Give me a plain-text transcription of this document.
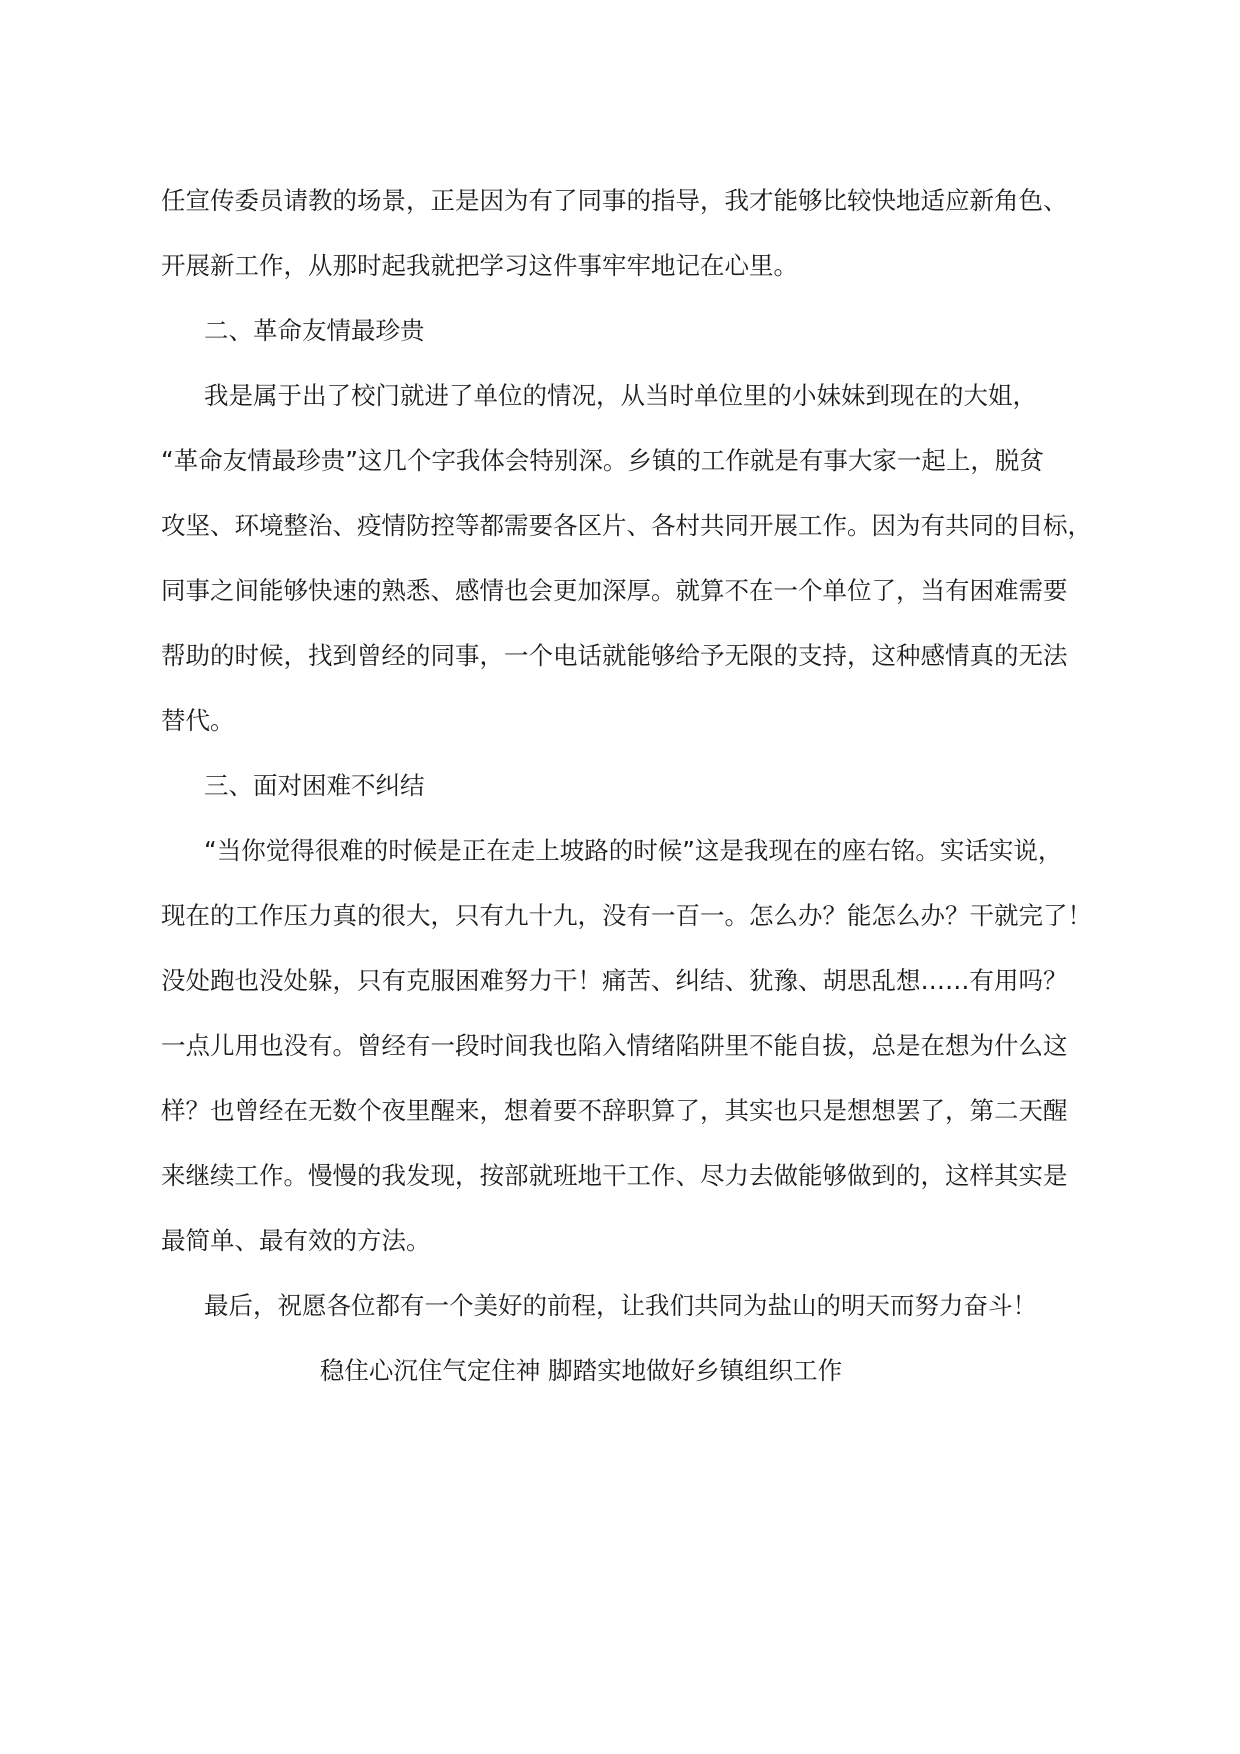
任宣传委员请教的场景，正是因为有了同事的指导，我才能够比较快地适应新角色、
开展新工作，从那时起我就把学习这件事牢牢地记在心里。
二、革命友情最珍贵
我是属于出了校门就进了单位的情况，从当时单位里的小妹妹到现在的大姐，
“革命友情最珍贵”这几个字我体会特别深。乡镇的工作就是有事大家一起上，脱贫
攻坚、环境整治、疫情防控等都需要各区片、各村共同开展工作。因为有共同的目标，
同事之间能够快速的熟悉、感情也会更加深厚。就算不在一个单位了，当有困难需要
帮助的时候，找到曾经的同事，一个电话就能够给予无限的支持，这种感情真的无法
替代。
三、面对困难不纠结
“当你觉得很难的时候是正在走上坡路的时候”这是我现在的座右铭。实话实说，
现在的工作压力真的很大，只有九十九，没有一百一。怎么办？能怎么办？干就完了！
没处跑也没处躲，只有克服困难努力干！痛苦、纠结、犹豫、胡思乱想……有用吗？
一点儿用也没有。曾经有一段时间我也陷入情绪陷阱里不能自拔，总是在想为什么这
样？也曾经在无数个夜里醒来，想着要不辞职算了，其实也只是想想罢了，第二天醒
来继续工作。慢慢的我发现，按部就班地干工作、尽力去做能够做到的，这样其实是
最简单、最有效的方法。
最后，祝愿各位都有一个美好的前程，让我们共同为盐山的明天而努力奋斗！
稳住心沉住气定住神 脚踏实地做好乡镇组织工作
